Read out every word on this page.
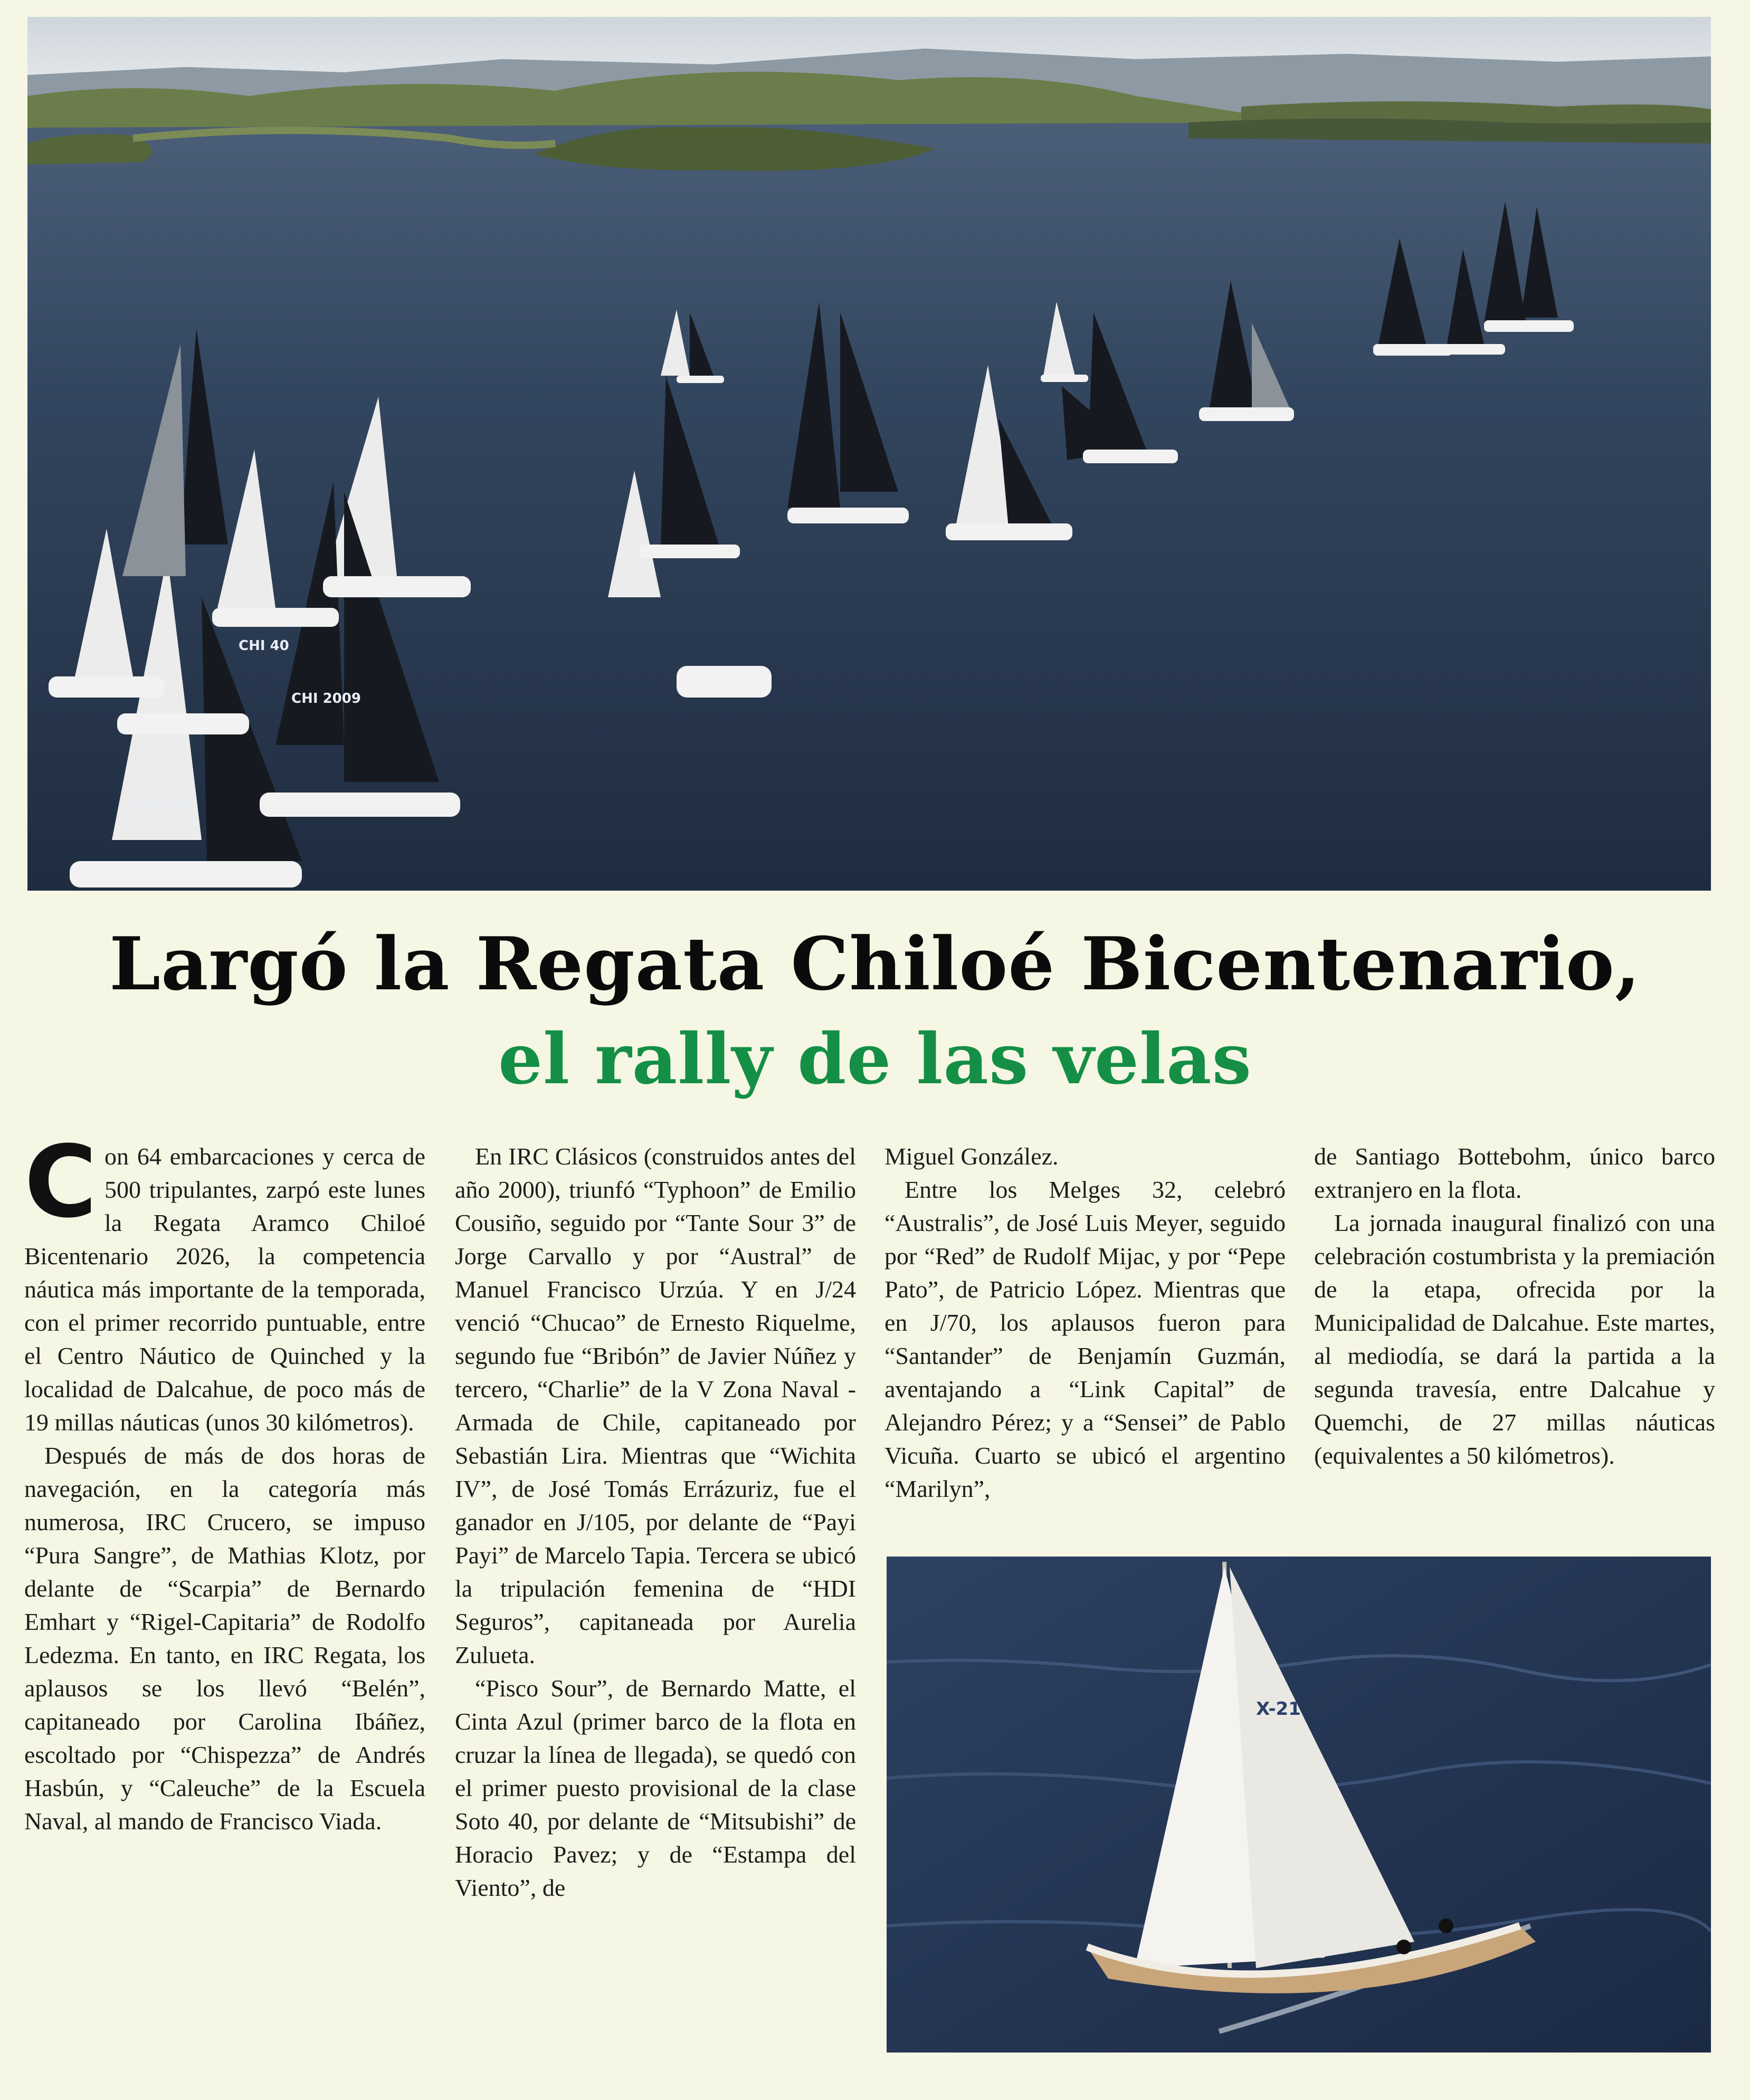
CHI 584
CHI 40
CHI 2009
Largó la Regata Chiloé Bicentenario,
el rally de las velas

Con 64 embarcaciones y cerca de 500 tripulantes, zarpó este lunes la Regata Aramco Chiloé Bicentenario 2026, la competencia náutica más importante de la temporada, con el primer recorrido puntuable, entre el Centro Náutico de Quinched y la localidad de Dalcahue, de poco más de 19 millas náuticas (unos 30 kilómetros).

Después de más de dos horas de navegación, en la categoría más numerosa, IRC Crucero, se impuso “Pura Sangre”, de Mathias Klotz, por delante de “Scarpia” de Bernardo Emhart y “Rigel-Capitaria” de Rodolfo Ledezma. En tanto, en IRC Regata, los aplausos se los llevó “Belén”, capitaneado por Carolina Ibáñez, escoltado por “Chispezza” de Andrés Hasbún, y “Caleuche” de la Escuela Naval, al mando de Francisco Viada.

En IRC Clásicos (construidos antes del año 2000), triunfó “Typhoon” de Emilio Cousiño, seguido por “Tante Sour 3” de Jorge Carvallo y por “Austral” de Manuel Francisco Urzúa. Y en J/24 venció “Chucao” de Ernesto Riquelme, segundo fue “Bribón” de Javier Núñez y tercero, “Charlie” de la V Zona Naval - Armada de Chile, capitaneado por Sebastián Lira. Mientras que “Wichita IV”, de José Tomás Errázuriz, fue el ganador en J/105, por delante de “Payi Payi” de Marcelo Tapia. Tercera se ubicó la tripulación femenina de “HDI Seguros”, capitaneada por Aurelia Zulueta.

“Pisco Sour”, de Bernardo Matte, el Cinta Azul (primer barco de la flota en cruzar la línea de llegada), se quedó con el primer puesto provisional de la clase Soto 40, por delante de “Mitsubishi” de Horacio Pavez; y de “Estampa del Viento”, de

Miguel González.

Entre los Melges 32, celebró “Australis”, de José Luis Meyer, seguido por “Red” de Rudolf Mijac, y por “Pepe Pato”, de Patricio López. Mientras que en J/70, los aplausos fueron para “Santander” de Benjamín Guzmán, aventajando a “Link Capital” de Alejandro Pérez; y a “Sensei” de Pablo Vicuña. Cuarto se ubicó el argentino “Marilyn”,

de Santiago Bottebohm, único barco extranjero en la flota.

La jornada inaugural finalizó con una celebración costumbrista y la premiación de la etapa, ofrecida por la Municipalidad de Dalcahue. Este martes, al mediodía, se dará la partida a la segunda travesía, entre Dalcahue y Quemchi, de 27 millas náuticas (equivalentes a 50 kilómetros).

X-21
